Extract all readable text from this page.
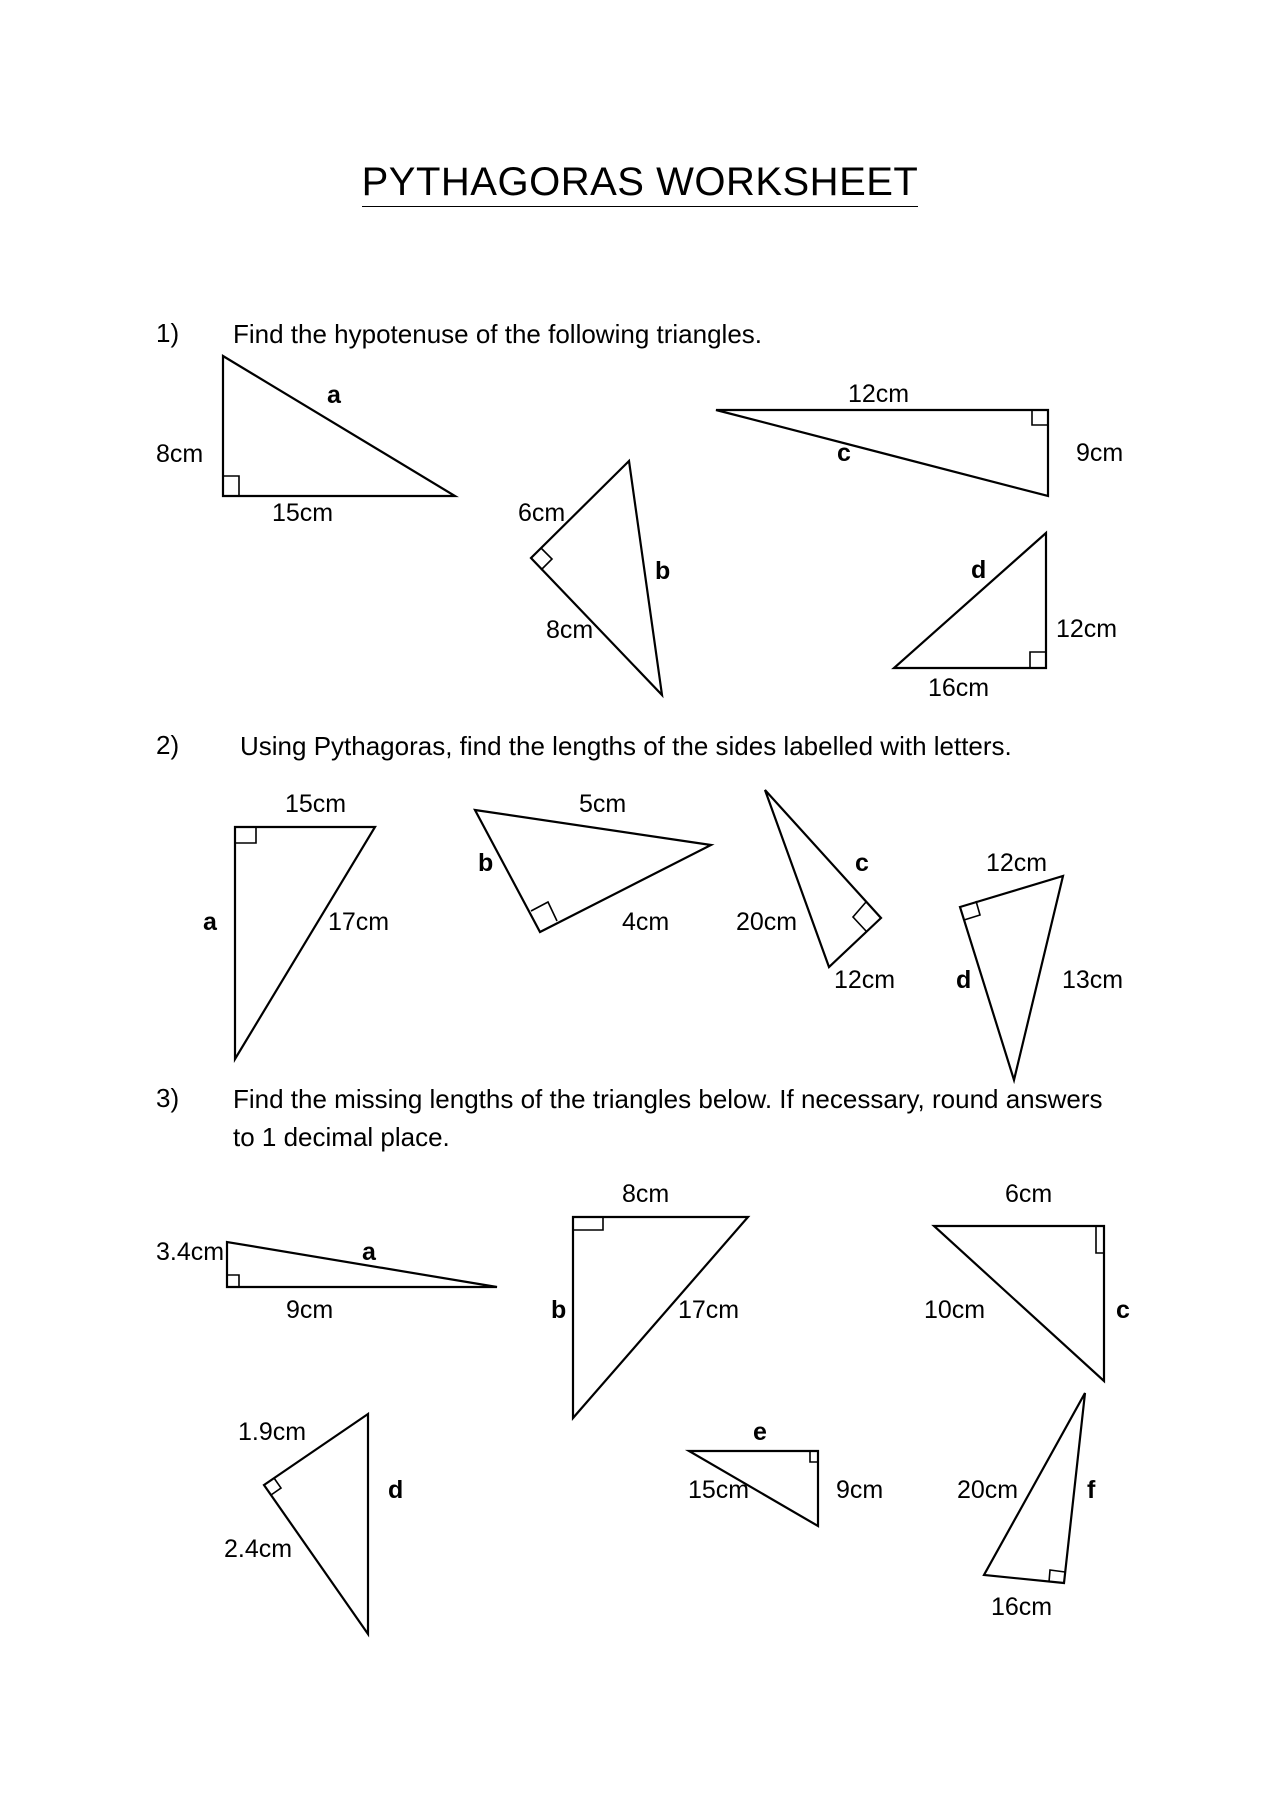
PYTHAGORAS WORKSHEET
1) Find the hypotenuse of the following triangles.
2) Using Pythagoras, find the lengths of the sides labelled with letters.
3) Find the missing lengths of the triangles below. If necessary, round answers to 1 decimal place.
8cm
15cm
a
6cm
8cm
b
12cm
9cm
c
12cm
16cm
d
15cm
17cm
a
5cm
4cm
b
20cm
12cm
c	12cm
13cm
d
3.4cm
9cm
a
8cm
17cm
b
6cm
10cm	c
1.9cm
2.4cm
d	15cm	9cm
e
20cm
16cm
f
